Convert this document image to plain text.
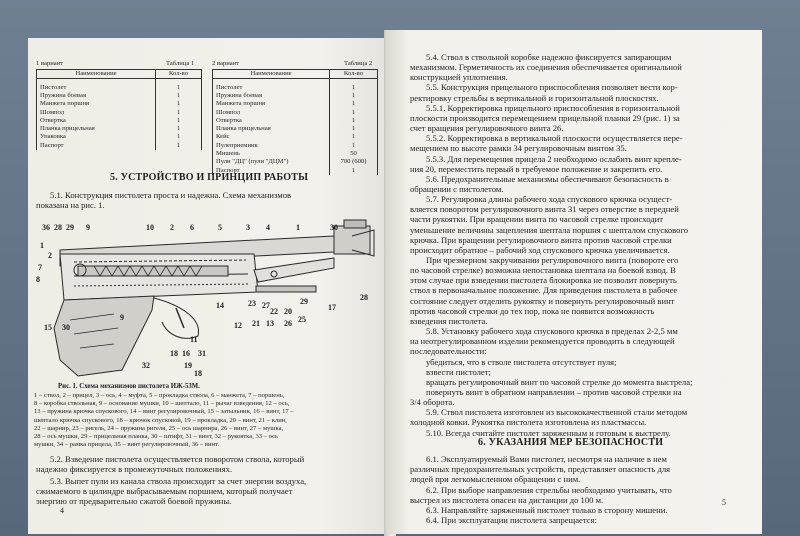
1 вариант	Таблица 1
Наименование	Кол-во

Пистолет	1
Пружина боевая	1
Манжета поршня	1
Шомпол	1
Отвертка	1
Планка прицельная	1
Упаковка	1
Паспорт	1
2 вариант	Таблица 2
Наименование	Кол-во

Пистолет	1
Пружина боевая	1
Манжета поршня	1
Шомпол	1
Отвертка	1
Планка прицельная	1
Кейс	1
Пулеприемник	1
Мишень	50
Пули "ДЦ" (пули "ДЦМ")	700 (600)
Паспорт	1
5. УСТРОЙСТВО И ПРИНЦИП РАБОТЫ
5.1. Конструкция пистолета проста и надежна. Схема механизмов
показана на рис. 1.
36 28 29 9	10 2 6	5	3 4	1	30
1
2
7
8
14	27	29
23
22 20
25
28
15 30	12 21 13 26
17
9
18 16 31
19
11
32
18
Рис. 1. Схема механизмов пистолета ИЖ-53М.
1 – ствол, 2 – прицел, 3 – ось, 4 – муфта, 5 – прокладка ствола, 6 – манжета, 7 – поршень,
8 – коробка ствольная, 9 – основание мушки, 10 – шептало, 11 – рычаг взведения, 12 – ось,
13 – пружина крючка спускового, 14 – винт регулировочный, 15 – затыльник, 16 – винт, 17 –
шептало крючка спускового, 18 – крючок спусковой, 19 – прокладка, 20 – винт, 21 – клин,
22 – шарнир, 23 – ригель, 24 – пружина ригеля, 25 – ось шарнира, 26 – винт, 27 – мушка,
28 – ось мушки, 29 – прицельная планка, 30 – штифт, 31 – винт, 32 – рукоятка, 33 – ось
мушки, 34 – рамка прицела, 35 – винт регулировочный, 36 – винт.
5.2. Взведение пистолета осуществляется поворотом ствола, который
надежно фиксируется в промежуточных положениях.
5.3. Выпет пули из канала ствола происходит за счет энергии воздуха,
сжимаемого в цилиндре выбрасываемым поршнем, который получает
энергию от предварительно сжатой боевой пружины.
4
5.4. Ствол в ствольной коробке надежно фиксируется запирающим
механизмом. Герметичность их соединения обеспечивается оригинальной
конструкцией уплотнения.
5.5. Конструкция прицельного приспособления позволяет вести кор-
ректировку стрельбы в вертикальной и горизонтальной плоскостях.
5.5.1. Корректировка прицельного приспособления в горизонтальной
плоскости производится перемещением прицельной планки 29 (рис. 1) за
счет вращения регулировочного винта 26.
5.5.2. Корректировка в вертикальной плоскости осуществляется пере-
мещением по высоте рамки 34 регулировочным винтом 35.
5.5.3. Для перемещения прицела 2 необходимо ослабить винт крепле-
ния 20, переместить первый в требуемое положение и закрепить его.
5.6. Предохранительные механизмы обеспечивают безопасность в
обращении с пистолетом.
5.7. Регулировка длины рабочего хода спускового крючка осущест-
вляется поворотом регулировочного винта 31 через отверстие в передней
части рукоятки. При вращении винта по часовой стрелке происходит
уменьшение величины зацепления шептала поршня с шепталом спускового
крючка. При вращении регулировочного винта против часовой стрелки
происходит обратное – рабочий ход спускового крючка увеличивается.
При чрезмерном закручивании регулировочного винта (повороте его
по часовой стрелке) возможна непостановка шептала на боевой взвод. В
этом случае при взведении пистолета блокировка не позволит повернуть
ствол в первоначальное положение. Для приведения пистолета в рабочее
состояние следует отделить рукоятку и повернуть регулировочный винт
против часовой стрелки до тех пор, пока не появится возможность
взведения пистолета.
5.8. Установку рабочего хода спускового крючка в пределах 2-2,5 мм
на неотрегулированном изделии рекомендуется проводить в следующей
последовательности:
убедиться, что в стволе пистолета отсутствует пуля;
взвести пистолет;
вращать регулировочный винт по часовой стрелке до момента выстрела;
повернуть винт в обратном направлении – против часовой стрелки на
3/4 оборота.
5.9. Ствол пистолета изготовлен из высококачественной стали методом
холодной ковки. Рукоятка пистолета изготовлена из пластмассы.
5.10. Всегда считайте пистолет заряженным и готовым к выстрелу.
6. УКАЗАНИЯ МЕР БЕЗОПАСНОСТИ
6.1. Эксплуатируемый Вами пистолет, несмотря на наличие в нем
различных предохранительных устройств, представляет опасность для
людей при легкомысленном обращении с ним.
6.2. При выборе направления стрельбы необходимо учитывать, что
выстрел из пистолета опасен на дистанции до 100 м.
6.3. Направляйте заряженный пистолет только в сторону мишени.
6.4. При эксплуатации пистолета запрещается:
5
